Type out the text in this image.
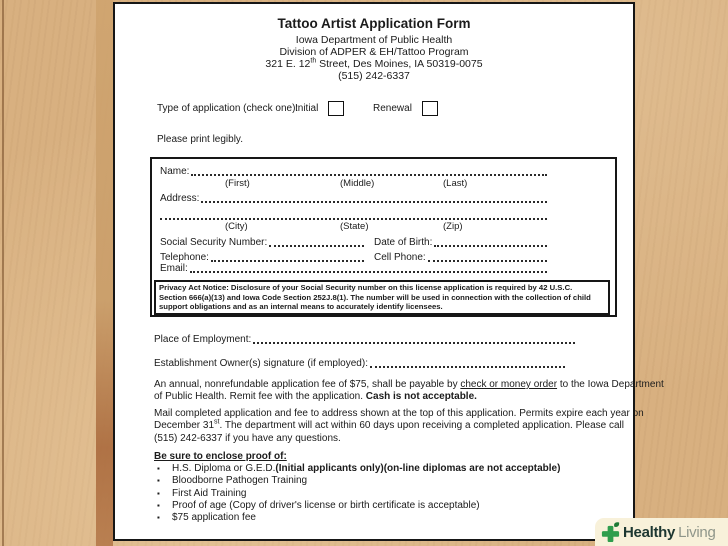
Tattoo Artist Application Form
Iowa Department of Public Health
Division of ADPER & EH/Tattoo Program
321 E. 12th Street, Des Moines, IA 50319-0075
(515) 242-6337
Type of application (check one):
Initial	Renewal
Please print legibly.
Name:
(First)	(Middle)	(Last)
Address:
(City)	(State)	(Zip)
Social Security Number:	Date of Birth:
Telephone:	Cell Phone:
Email:
Privacy Act Notice: Disclosure of your Social Security number on this license application is required by 42 U.S.C.
Section 666(a)(13) and Iowa Code Section 252J.8(1). The number will be used in connection with the collection of child
support obligations and as an internal means to accurately identify licensees.
Place of Employment:
Establishment Owner(s) signature (if employed):
An annual, nonrefundable application fee of $75, shall be payable by check or money order to the Iowa Department
of Public Health. Remit fee with the application. Cash is not acceptable.
Mail completed application and fee to address shown at the top of this application. Permits expire each year on
December 31st. The department will act within 60 days upon receiving a completed application. Please call
(515) 242-6337 if you have any questions.
Be sure to enclose proof of:
▪	H.S. Diploma or G.E.D. (Initial applicants only)(on-line diplomas are not acceptable)
▪	Bloodborne Pathogen Training
▪	First Aid Training
▪	Proof of age (Copy of driver's license or birth certificate is acceptable)
▪	$75 application fee
Healthy Living
